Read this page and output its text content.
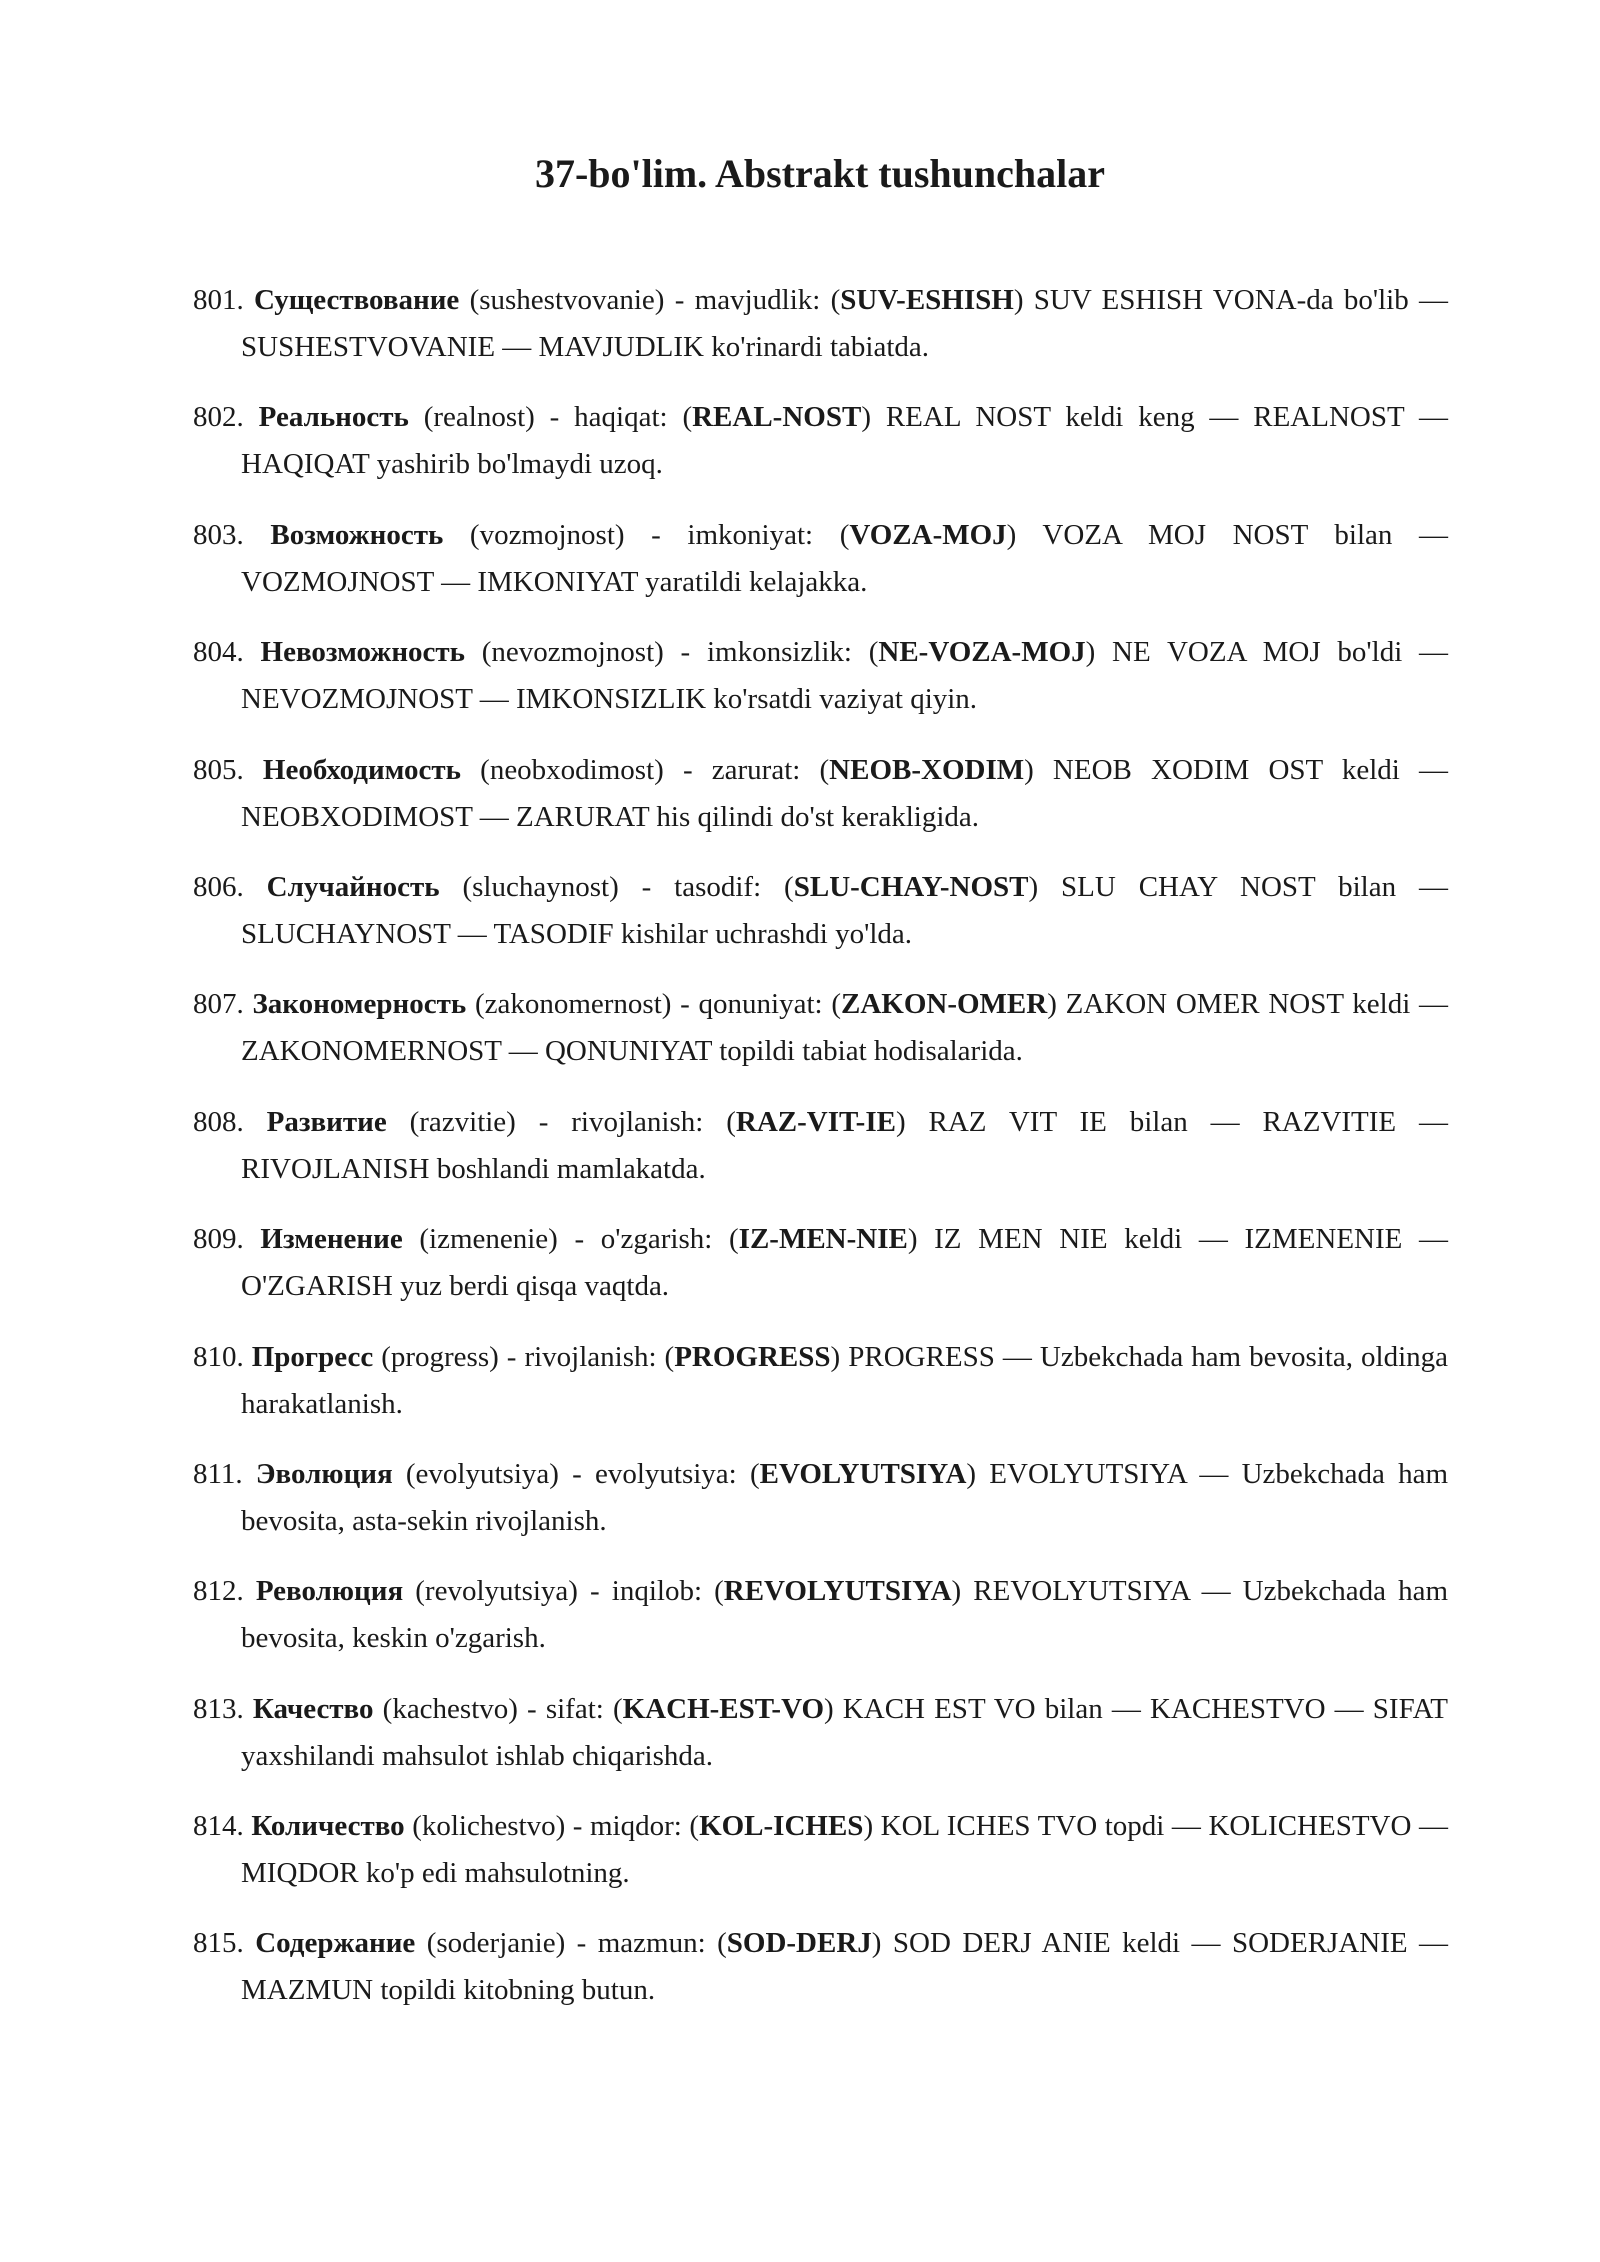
37-bo'lim. Abstrakt tushunchalar

801. Существование (sushestvovanie) - mavjudlik: (SUV-ESHISH) SUV ESHISH VONA-da bo'lib — SUSHESTVOVANIE — MAVJUDLIK ko'rinardi tabiatda.

802. Реальность (realnost) - haqiqat: (REAL-NOST) REAL NOST keldi keng — REALNOST — HAQIQAT yashirib bo'lmaydi uzoq.

803. Возможность (vozmojnost) - imkoniyat: (VOZA-MOJ) VOZA MOJ NOST bilan — VOZMOJNOST — IMKONIYAT yaratildi kelajakka.

804. Невозможность (nevozmojnost) - imkonsizlik: (NE-VOZA-MOJ) NE VOZA MOJ bo'ldi — NEVOZMOJNOST — IMKONSIZLIK ko'rsatdi vaziyat qiyin.

805. Необходимость (neobxodimost) - zarurat: (NEOB-XODIM) NEOB XODIM OST keldi — NEOBXODIMOST — ZARURAT his qilindi do'st kerakligida.

806. Случайность (sluchaynost) - tasodif: (SLU-CHAY-NOST) SLU CHAY NOST bilan — SLUCHAYNOST — TASODIF kishilar uchrashdi yo'lda.

807. Закономерность (zakonomernost) - qonuniyat: (ZAKON-OMER) ZAKON OMER NOST keldi — ZAKONOMERNOST — QONUNIYAT topildi tabiat hodisalarida.

808. Развитие (razvitie) - rivojlanish: (RAZ-VIT-IE) RAZ VIT IE bilan — RAZVITIE — RIVOJLANISH boshlandi mamlakatda.

809. Изменение (izmenenie) - o'zgarish: (IZ-MEN-NIE) IZ MEN NIE keldi — IZMENENIE — O'ZGARISH yuz berdi qisqa vaqtda.

810. Прогресс (progress) - rivojlanish: (PROGRESS) PROGRESS — Uzbekchada ham bevosita, oldinga harakatlanish.

811. Эволюция (evolyutsiya) - evolyutsiya: (EVOLYUTSIYA) EVOLYUTSIYA — Uzbekchada ham bevosita, asta-sekin rivojlanish.

812. Революция (revolyutsiya) - inqilob: (REVOLYUTSIYA) REVOLYUTSIYA — Uzbekchada ham bevosita, keskin o'zgarish.

813. Качество (kachestvo) - sifat: (KACH-EST-VO) KACH EST VO bilan — KACHESTVO — SIFAT yaxshilandi mahsulot ishlab chiqarishda.

814. Количество (kolichestvo) - miqdor: (KOL-ICHES) KOL ICHES TVO topdi — KOLICHESTVO — MIQDOR ko'p edi mahsulotning.

815. Содержание (soderjanie) - mazmun: (SOD-DERJ) SOD DERJ ANIE keldi — SODERJANIE — MAZMUN topildi kitobning butun.
